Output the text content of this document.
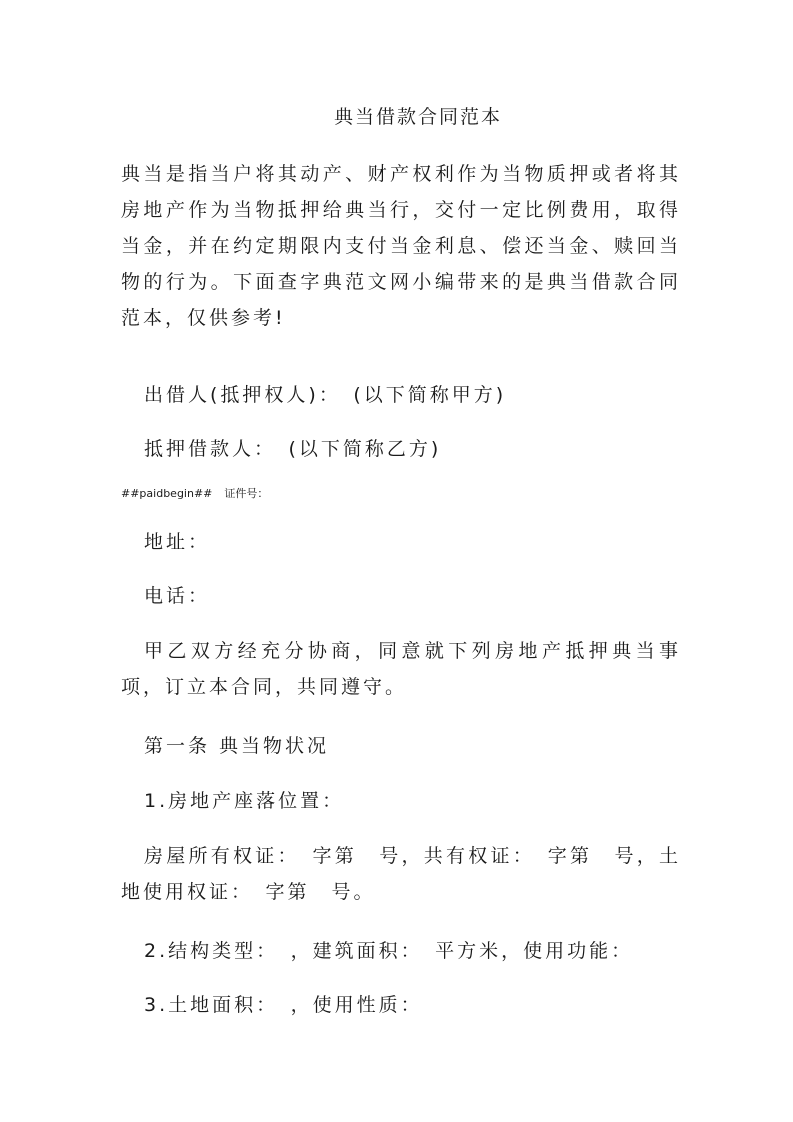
典当借款合同范本

典当是指当户将其动产、财产权利作为当物质押或者将其房地产作为当物抵押给典当行，交付一定比例费用，取得当金，并在约定期限内支付当金利息、偿还当金、赎回当物的行为。下面查字典范文网小编带来的是典当借款合同范本，仅供参考!

出借人(抵押权人)：　(以下简称甲方)

抵押借款人：　(以下简称乙方)

##paidbegin## 证件号：

地址：

电话：

甲乙双方经充分协商，同意就下列房地产抵押典当事项，订立本合同，共同遵守。

第一条 典当物状况

1.房地产座落位置：

房屋所有权证：　字第　号，共有权证：　字第　号，土地使用权证：　字第　号。

2.结构类型：　，建筑面积：　平方米，使用功能：

3.土地面积：　，使用性质：
